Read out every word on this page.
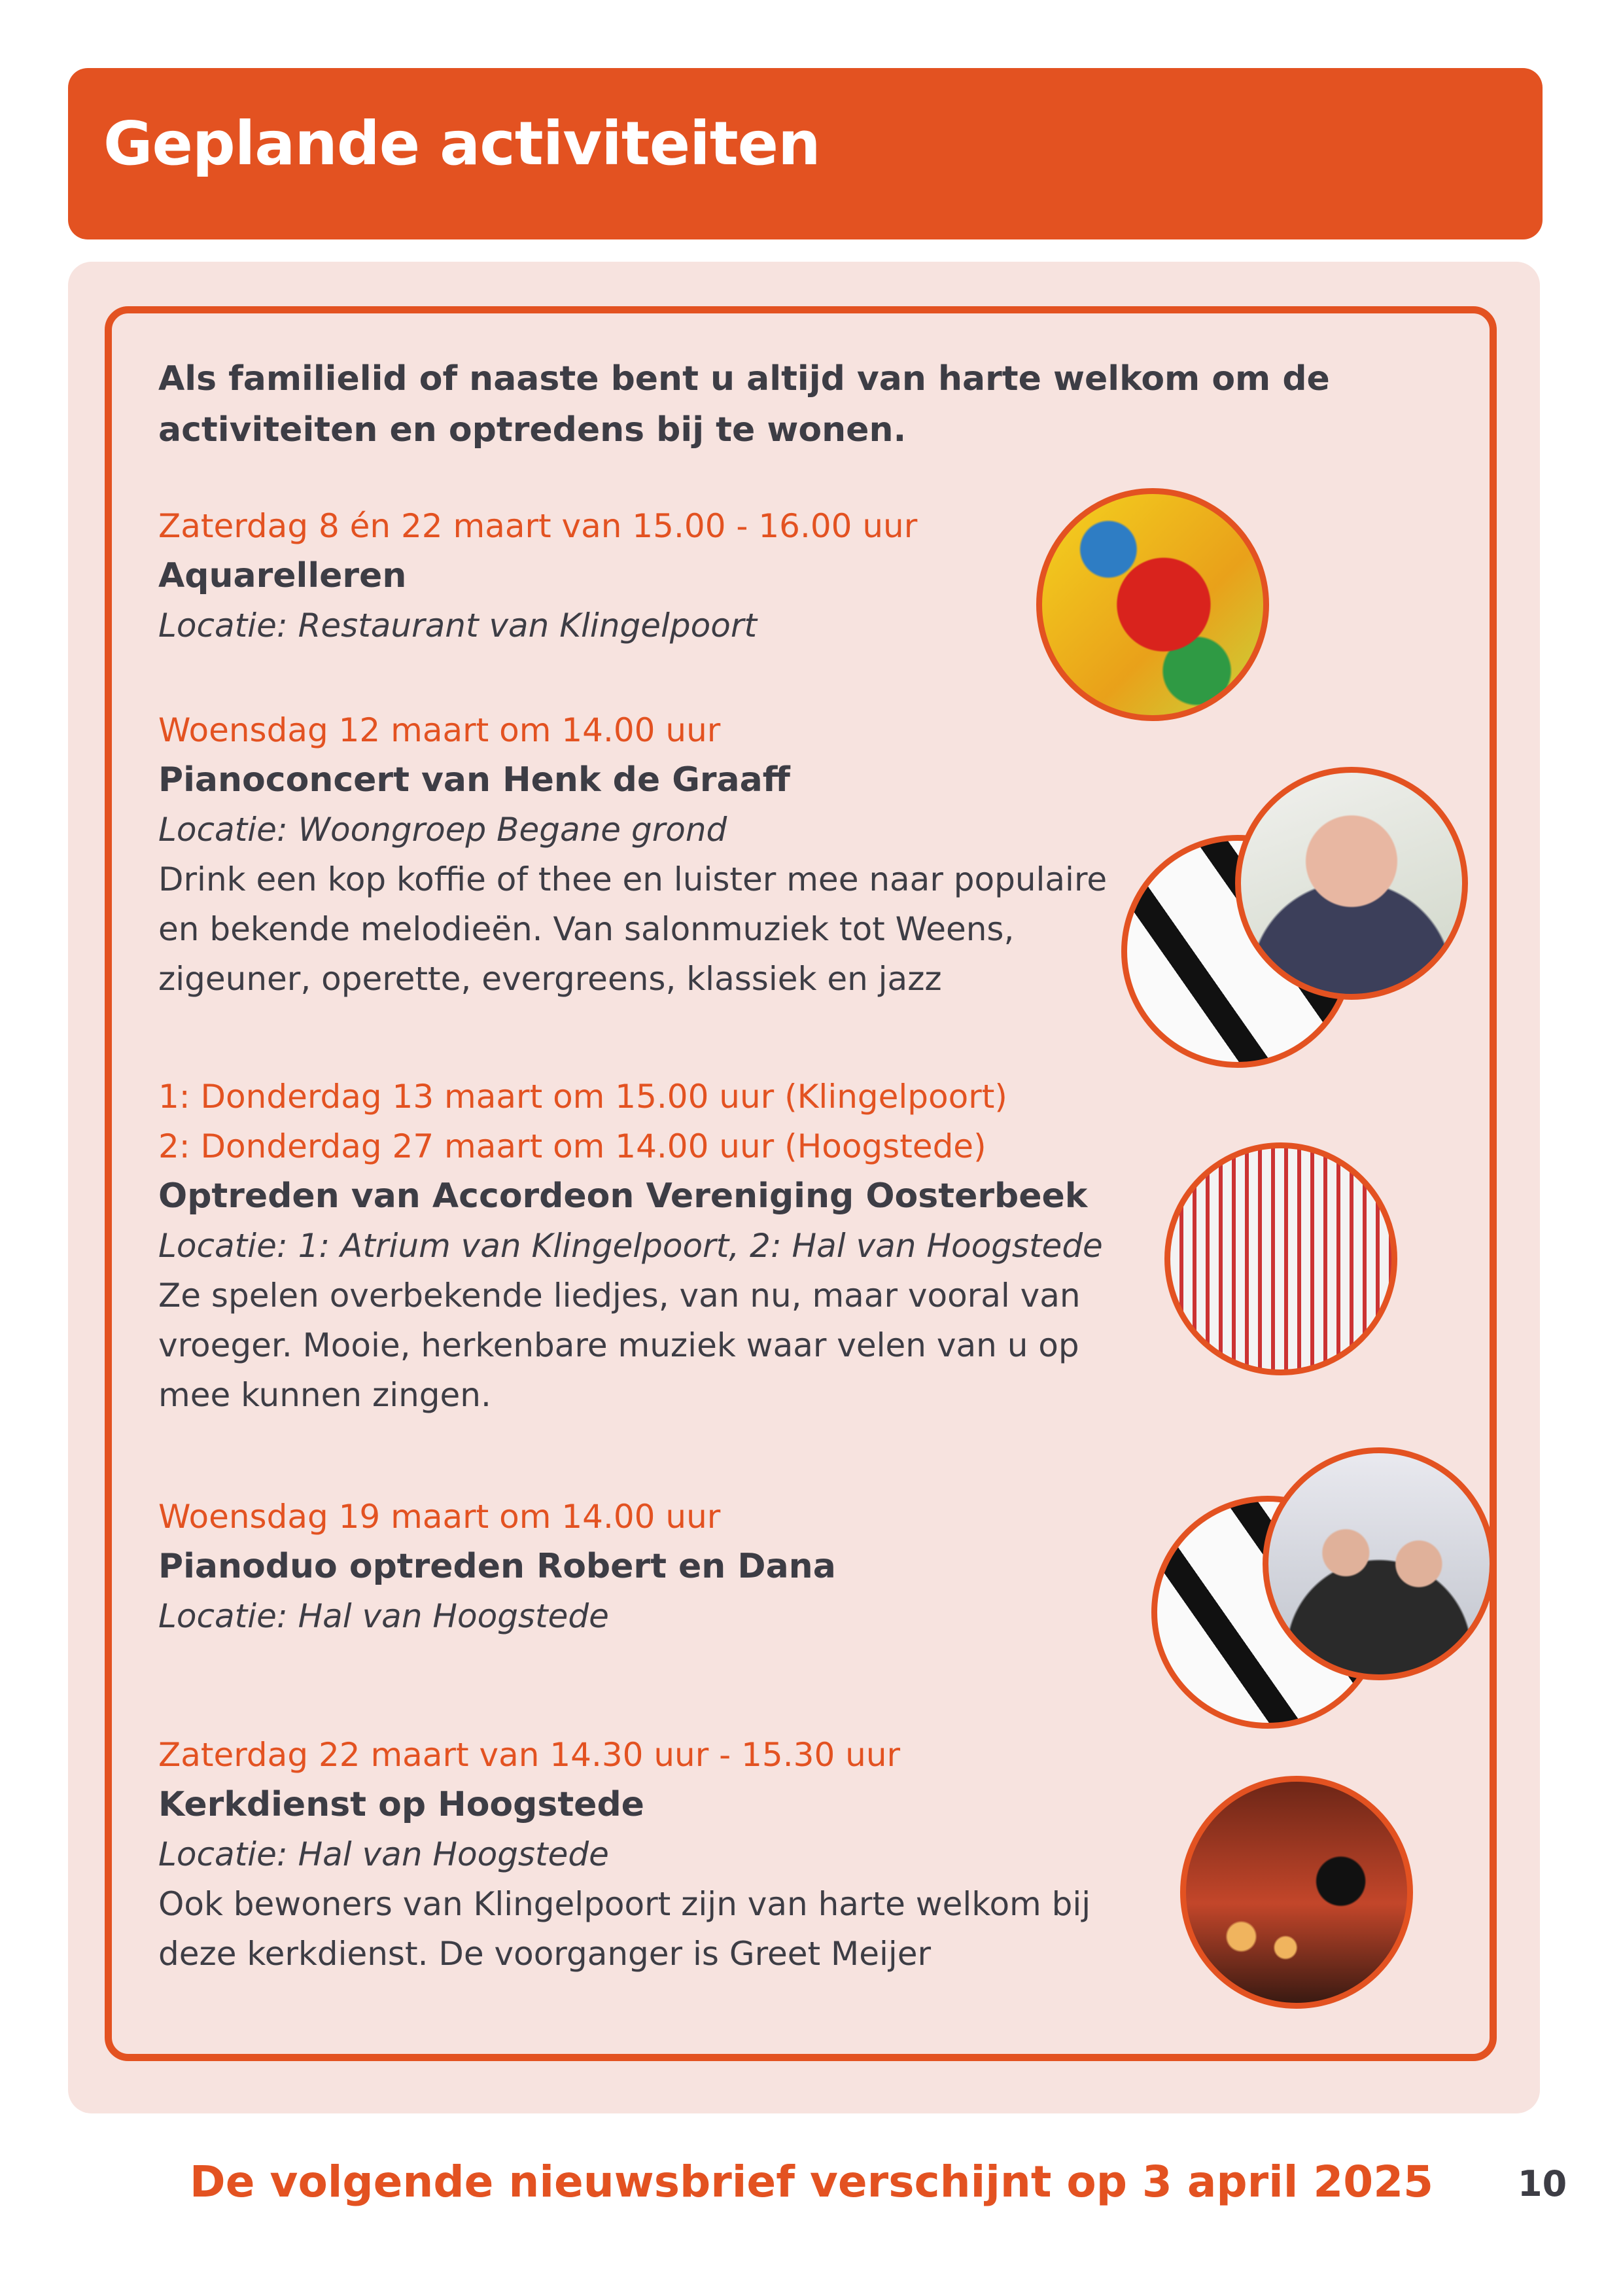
Geplande activiteiten

Als familielid of naaste bent u altijd van harte welkom om de activiteiten en optredens bij te wonen.

Zaterdag 8 én 22 maart van 15.00 - 16.00 uur

Aquarelleren

Locatie: Restaurant van Klingelpoort

Woensdag 12 maart om 14.00 uur

Pianoconcert van Henk de Graaff

Locatie: Woongroep Begane grond

Drink een kop koffie of thee en luister mee naar populaire en bekende melodieën. Van salonmuziek tot Weens, zigeuner, operette, evergreens, klassiek en jazz

1: Donderdag 13 maart om 15.00 uur (Klingelpoort)

2: Donderdag 27 maart om 14.00 uur (Hoogstede)

Optreden van Accordeon Vereniging Oosterbeek

Locatie: 1: Atrium van Klingelpoort, 2: Hal van Hoogstede

Ze spelen overbekende liedjes, van nu, maar vooral van vroeger. Mooie, herkenbare muziek waar velen van u op mee kunnen zingen.

Woensdag 19 maart om 14.00 uur

Pianoduo optreden Robert en Dana

Locatie: Hal van Hoogstede

Zaterdag 22 maart van 14.30 uur - 15.30 uur

Kerkdienst op Hoogstede

Locatie: Hal van Hoogstede

Ook bewoners van Klingelpoort zijn van harte welkom bij deze kerkdienst. De voorganger is Greet Meijer

De volgende nieuwsbrief verschijnt op 3 april 2025	10
